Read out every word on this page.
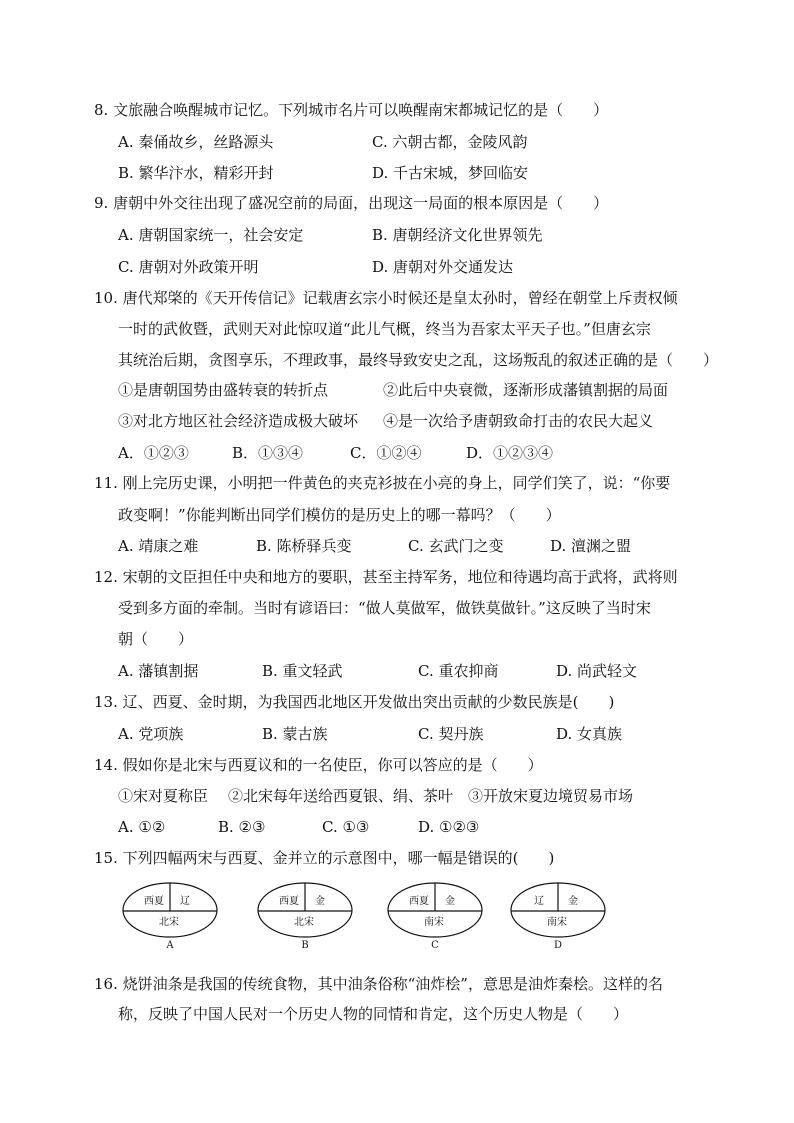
8. 文旅融合唤醒城市记忆。下列城市名片可以唤醒南宋都城记忆的是（　　）
A. 秦俑故乡，丝路源头	C. 六朝古都，金陵风韵
B. 繁华汴水，精彩开封	D. 千古宋城，梦回临安
9. 唐朝中外交往出现了盛况空前的局面，出现这一局面的根本原因是（　　）
A. 唐朝国家统一，社会安定	B. 唐朝经济文化世界领先
C. 唐朝对外政策开明	D. 唐朝对外交通发达
10. 唐代郑棨的《天开传信记》记载唐玄宗小时候还是皇太孙时，曾经在朝堂上斥责权倾
一时的武攸暨，武则天对此惊叹道“此儿气概，终当为吾家太平天子也。”但唐玄宗
其统治后期，贪图享乐，不理政事，最终导致安史之乱，这场叛乱的叙述正确的是（　　）
①是唐朝国势由盛转衰的转折点	②此后中央衰微，逐渐形成藩镇割据的局面
③对北方地区社会经济造成极大破坏 ④是一次给予唐朝致命打击的农民大起义
A．①②③	B．①③④	C．①②④	D．①②③④
11. 刚上完历史课，小明把一件黄色的夹克衫披在小亮的身上，同学们笑了，说：“你要
政变啊！”你能判断出同学们模仿的是历史上的哪一幕吗？（　　）
A. 靖康之难	B. 陈桥驿兵变	C. 玄武门之变	D. 澶渊之盟
12. 宋朝的文臣担任中央和地方的要职，甚至主持军务，地位和待遇均高于武将，武将则
受到多方面的牵制。当时有谚语曰：“做人莫做军，做铁莫做针。”这反映了当时宋
朝（　　）
A. 藩镇割据	B. 重文轻武	C. 重农抑商	D. 尚武轻文
13. 辽、西夏、金时期，为我国西北地区开发做出突出贡献的少数民族是(　　)
A. 党项族	B. 蒙古族	C. 契丹族	D. 女真族
14. 假如你是北宋与西夏议和的一名使臣，你可以答应的是（　　）
①宋对夏称臣 ②北宋每年送给西夏银、绢、茶叶 ③开放宋夏边境贸易市场
A. ①②	B. ②③	C. ①③	D. ①②③
15. 下列四幅两宋与西夏、金并立的示意图中，哪一幅是错误的(　　)
西夏 辽
北宋
A
西夏 金
北宋
B
西夏 金
南宋
C
辽 金
南宋
D
16. 烧饼油条是我国的传统食物，其中油条俗称“油炸桧”，意思是油炸秦桧。这样的名
称，反映了中国人民对一个历史人物的同情和肯定，这个历史人物是（　　）
